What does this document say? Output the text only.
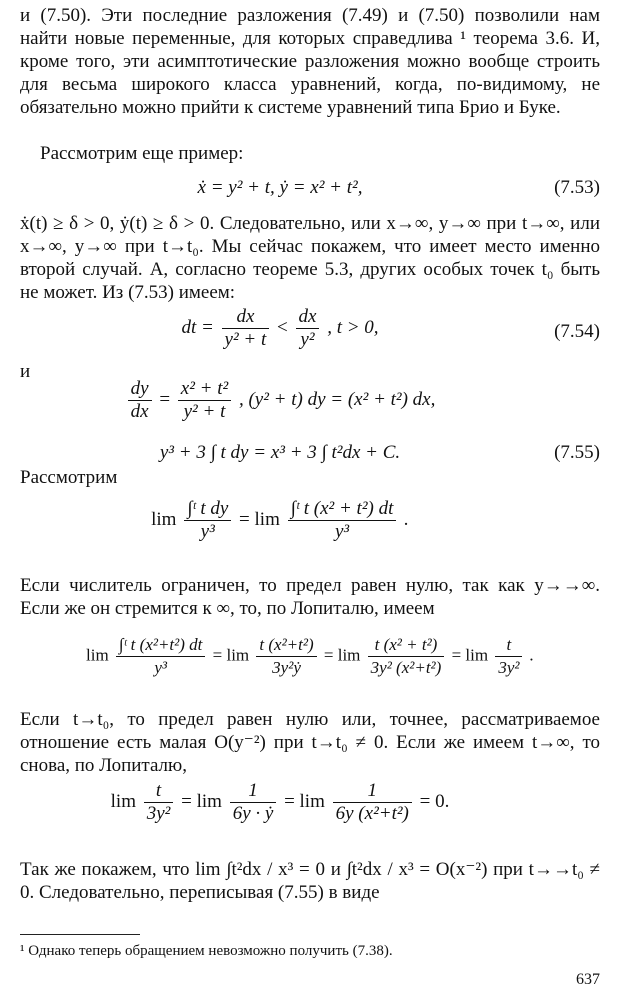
и (7.50). Эти последние разложения (7.49) и (7.50) позволили нам найти новые переменные, для которых справедлива ¹ теорема 3.6. И, кроме того, эти асимптотические разложения можно вообще строить для весьма широкого класса уравнений, когда, по-видимому, не обязательно можно прийти к системе уравнений типа Брио и Буке.

Рассмотрим еще пример:

ẋ = y² + t, ẏ = x² + t²,	(7.53)

ẋ(t) ≥ δ > 0, ẏ(t) ≥ δ > 0. Следовательно, или x→∞, y→∞ при t→∞, или x→∞, y→∞ при t→t₀. Мы сейчас покажем, что имеет место именно второй случай. А, согласно теореме 5.3, других особых точек t₀ быть не может. Из (7.53) имеем:

dt = $\frac{dx}{\text{y² + t}} < \frac{dx}{\text{y²}}$ , t > 0,	(7.54)

и

$\frac{dy}{dx} = \frac{\text{x² + t²}}{\text{y² + t}}$ , (y² + t) dy = (x² + t²) dx,
y³ + 3 ∫ t dy = x³ + 3 ∫ t²dx + C.	(7.55)

Рассмотрим

$\lim \frac{\text{∫ᵗ t dy}}{\text{y³}} = \lim \frac{\text{∫ᵗ t (x² + t²) dt}}{\text{y³}}$ .

Если числитель ограничен, то предел равен нулю, так как y→→∞. Если же он стремится к ∞, то, по Лопиталю, имеем

$\lim \frac{\text{∫ᵗ t (x²+t²) dt}}{\text{y³}} = \lim \frac{\text{t (x²+t²)}}{\text{3y²ẏ}} = \lim \frac{\text{t (x² + t²)}}{\text{3y² (x²+t²)}} = \lim \frac{t}{\text{3y²}}$ .

Если t→t₀, то предел равен нулю или, точнее, рассматриваемое отношение есть малая O(y⁻²) при t→t₀ ≠ 0. Если же имеем t→∞, то снова, по Лопиталю,

$\lim \frac{t}{\text{3y²}} = \lim \frac{1}{\text{6y · ẏ}} = \lim \frac{1}{\text{6y (x²+t²)}} = 0$.

Так же покажем, что lim ∫t²dx / x³ = 0 и ∫t²dx / x³ = O(x⁻²) при t→→t₀ ≠ 0. Следовательно, переписывая (7.55) в виде

¹ Однако теперь обращением невозможно получить (7.38).
637
